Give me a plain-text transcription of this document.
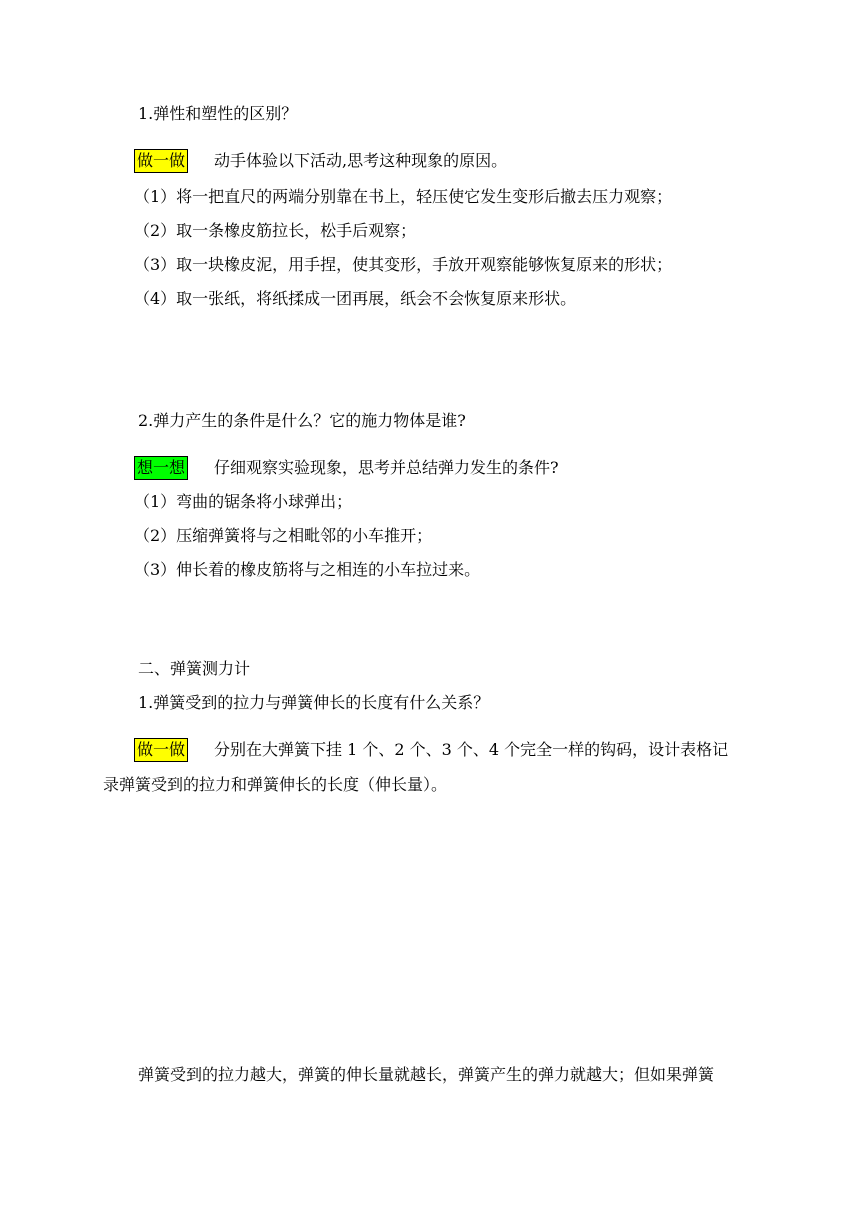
1.弹性和塑性的区别？
做一做 动手体验以下活动,思考这种现象的原因。
（1）将一把直尺的两端分别靠在书上，轻压使它发生变形后撤去压力观察；
（2）取一条橡皮筋拉长，松手后观察；
（3）取一块橡皮泥，用手捏，使其变形，手放开观察能够恢复原来的形状；
（4）取一张纸，将纸揉成一团再展，纸会不会恢复原来形状。
2.弹力产生的条件是什么？它的施力物体是谁?
想一想 仔细观察实验现象，思考并总结弹力发生的条件?
（1）弯曲的锯条将小球弹出；
（2）压缩弹簧将与之相毗邻的小车推开；
（3）伸长着的橡皮筋将与之相连的小车拉过来。
二、弹簧测力计
1.弹簧受到的拉力与弹簧伸长的长度有什么关系？
做一做 分别在大弹簧下挂 1 个、2 个、3 个、4 个完全一样的钩码，设计表格记
录弹簧受到的拉力和弹簧伸长的长度（伸长量）。
弹簧受到的拉力越大，弹簧的伸长量就越长，弹簧产生的弹力就越大；但如果弹簧
